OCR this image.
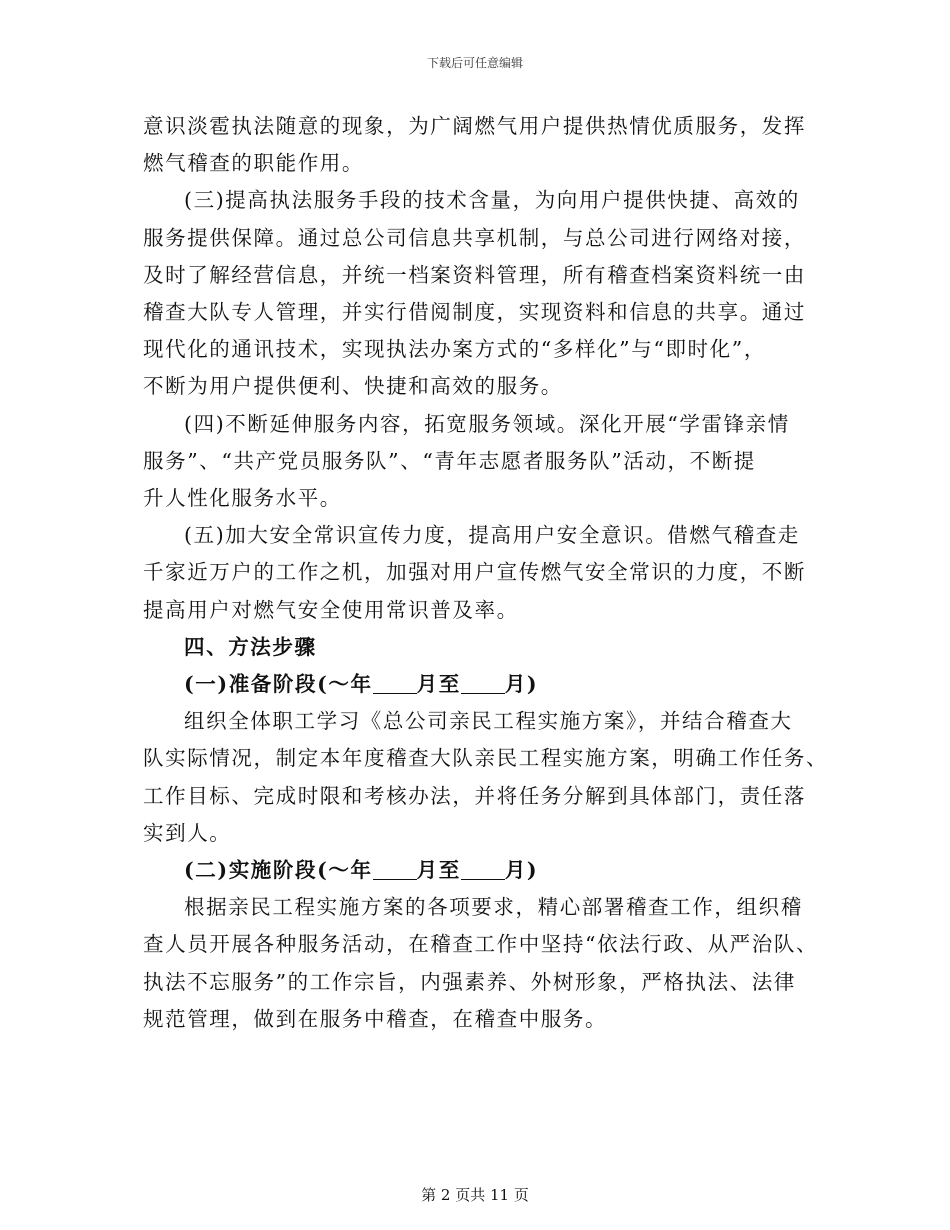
下载后可任意编辑

意识淡雹执法随意的现象，为广阔燃气用户提供热情优质服务，发挥
燃气稽查的职能作用。

(三)提高执法服务手段的技术含量，为向用户提供快捷、高效的
服务提供保障。通过总公司信息共享机制，与总公司进行网络对接，
及时了解经营信息，并统一档案资料管理，所有稽查档案资料统一由
稽查大队专人管理，并实行借阅制度，实现资料和信息的共享。通过
现代化的通讯技术，实现执法办案方式的“多样化”与“即时化”，
不断为用户提供便利、快捷和高效的服务。

(四)不断延伸服务内容，拓宽服务领域。深化开展“学雷锋亲情
服务”、“共产党员服务队”、“青年志愿者服务队”活动，不断提
升人性化服务水平。

(五)加大安全常识宣传力度，提高用户安全意识。借燃气稽查走
千家近万户的工作之机，加强对用户宣传燃气安全常识的力度，不断
提高用户对燃气安全使用常识普及率。

四、方法步骤

(一)准备阶段(～年 月至 月)

组织全体职工学习《总公司亲民工程实施方案》，并结合稽查大
队实际情况，制定本年度稽查大队亲民工程实施方案，明确工作任务、
工作目标、完成时限和考核办法，并将任务分解到具体部门，责任落
实到人。

(二)实施阶段(～年 月至 月)

根据亲民工程实施方案的各项要求，精心部署稽查工作，组织稽
查人员开展各种服务活动，在稽查工作中坚持“依法行政、从严治队、
执法不忘服务”的工作宗旨，内强素养、外树形象，严格执法、法律
规范管理，做到在服务中稽查，在稽查中服务。

第 2 页共 11 页
